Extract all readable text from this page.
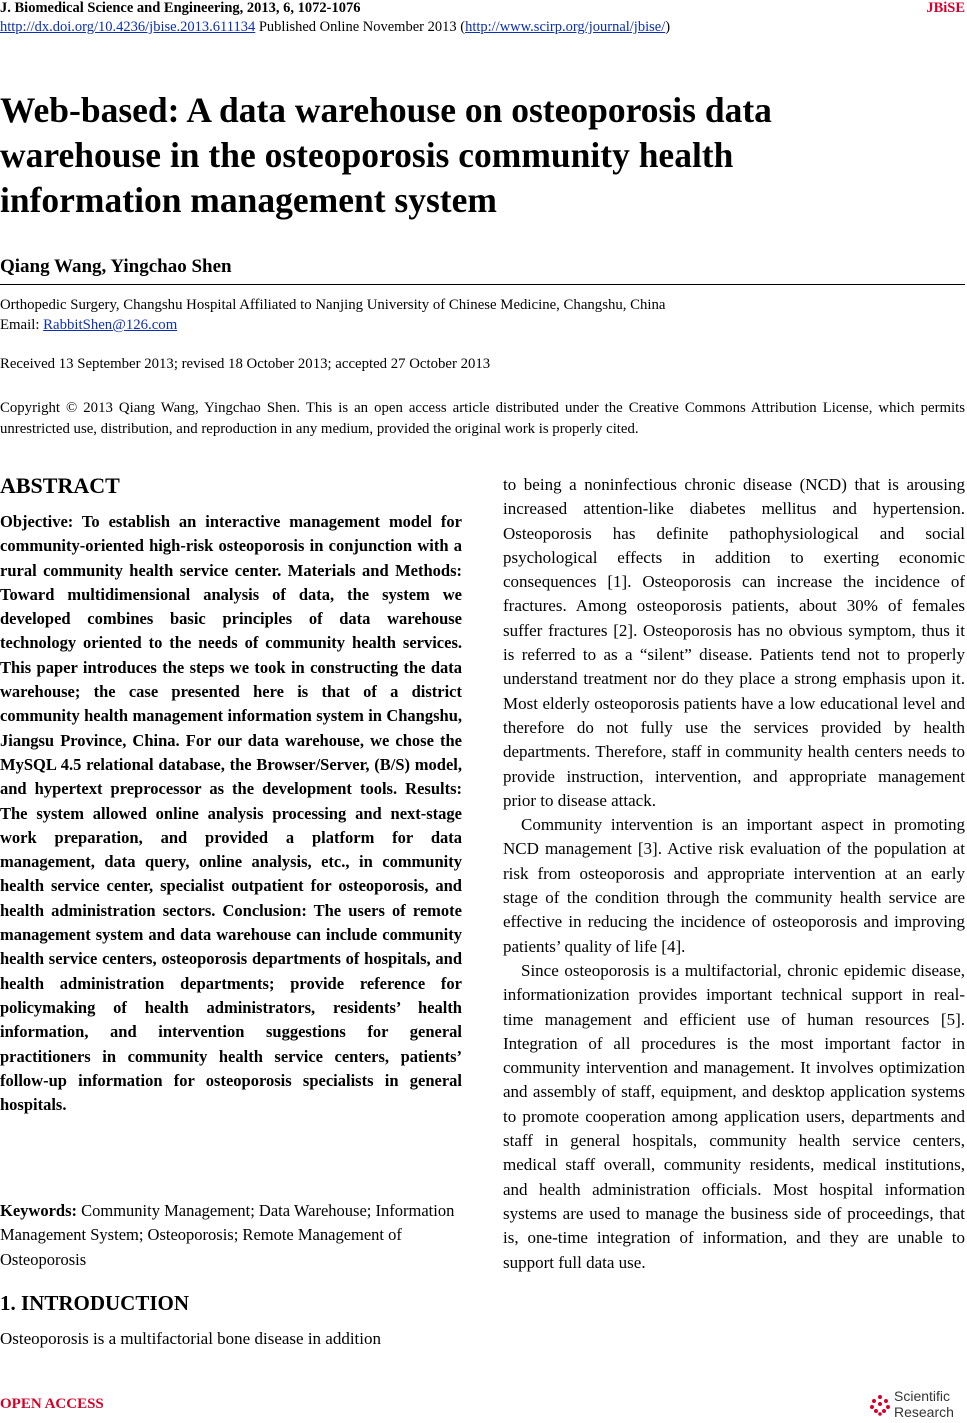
J. Biomedical Science and Engineering, 2013, 6, 1072-1076	JBiSE
http://dx.doi.org/10.4236/jbise.2013.611134 Published Online November 2013 (http://www.scirp.org/journal/jbise/)
Web-based: A data warehouse on osteoporosis data warehouse in the osteoporosis community health information management system
Qiang Wang, Yingchao Shen
Orthopedic Surgery, Changshu Hospital Affiliated to Nanjing University of Chinese Medicine, Changshu, China
Email: RabbitShen@126.com
Received 13 September 2013; revised 18 October 2013; accepted 27 October 2013
Copyright © 2013 Qiang Wang, Yingchao Shen. This is an open access article distributed under the Creative Commons Attribution License, which permits unrestricted use, distribution, and reproduction in any medium, provided the original work is properly cited.
ABSTRACT
Objective: To establish an interactive management model for community-oriented high-risk osteoporosis in conjunction with a rural community health service center. Materials and Methods: Toward multidimensional analysis of data, the system we developed combines basic principles of data warehouse technology oriented to the needs of community health services. This paper introduces the steps we took in constructing the data warehouse; the case presented here is that of a district community health management information system in Changshu, Jiangsu Province, China. For our data warehouse, we chose the MySQL 4.5 relational database, the Browser/Server, (B/S) model, and hypertext preprocessor as the development tools. Results: The system allowed online analysis processing and next-stage work preparation, and provided a platform for data management, data query, online analysis, etc., in community health service center, specialist outpatient for osteoporosis, and health administration sectors. Conclusion: The users of remote management system and data warehouse can include community health service centers, osteoporosis departments of hospitals, and health administration departments; provide reference for policymaking of health administrators, residents’ health information, and intervention suggestions for general practitioners in community health service centers, patients’ follow-up information for osteoporosis specialists in general hospitals.
Keywords: Community Management; Data Warehouse; Information Management System; Osteoporosis; Remote Management of Osteoporosis
1. INTRODUCTION
Osteoporosis is a multifactorial bone disease in addition

to being a noninfectious chronic disease (NCD) that is arousing increased attention-like diabetes mellitus and hypertension. Osteoporosis has definite pathophysiological and social psychological effects in addition to exerting economic consequences [1]. Osteoporosis can increase the incidence of fractures. Among osteoporosis patients, about 30% of females suffer fractures [2]. Osteoporosis has no obvious symptom, thus it is referred to as a “silent” disease. Patients tend not to properly understand treatment nor do they place a strong emphasis upon it. Most elderly osteoporosis patients have a low educational level and therefore do not fully use the services provided by health departments. Therefore, staff in community health centers needs to provide instruction, intervention, and appropriate management prior to disease attack.

Community intervention is an important aspect in promoting NCD management [3]. Active risk evaluation of the population at risk from osteoporosis and appropriate intervention at an early stage of the condition through the community health service are effective in reducing the incidence of osteoporosis and improving patients’ quality of life [4].

Since osteoporosis is a multifactorial, chronic epidemic disease, informationization provides important technical support in real-time management and efficient use of human resources [5]. Integration of all procedures is the most important factor in community intervention and management. It involves optimization and assembly of staff, equipment, and desktop application systems to promote cooperation among application users, departments and staff in general hospitals, community health service centers, medical staff overall, community residents, medical institutions, and health administration officials. Most hospital information systems are used to manage the business side of proceedings, that is, one-time integration of information, and they are unable to support full data use.

OPEN ACCESS	Scientific
Research
